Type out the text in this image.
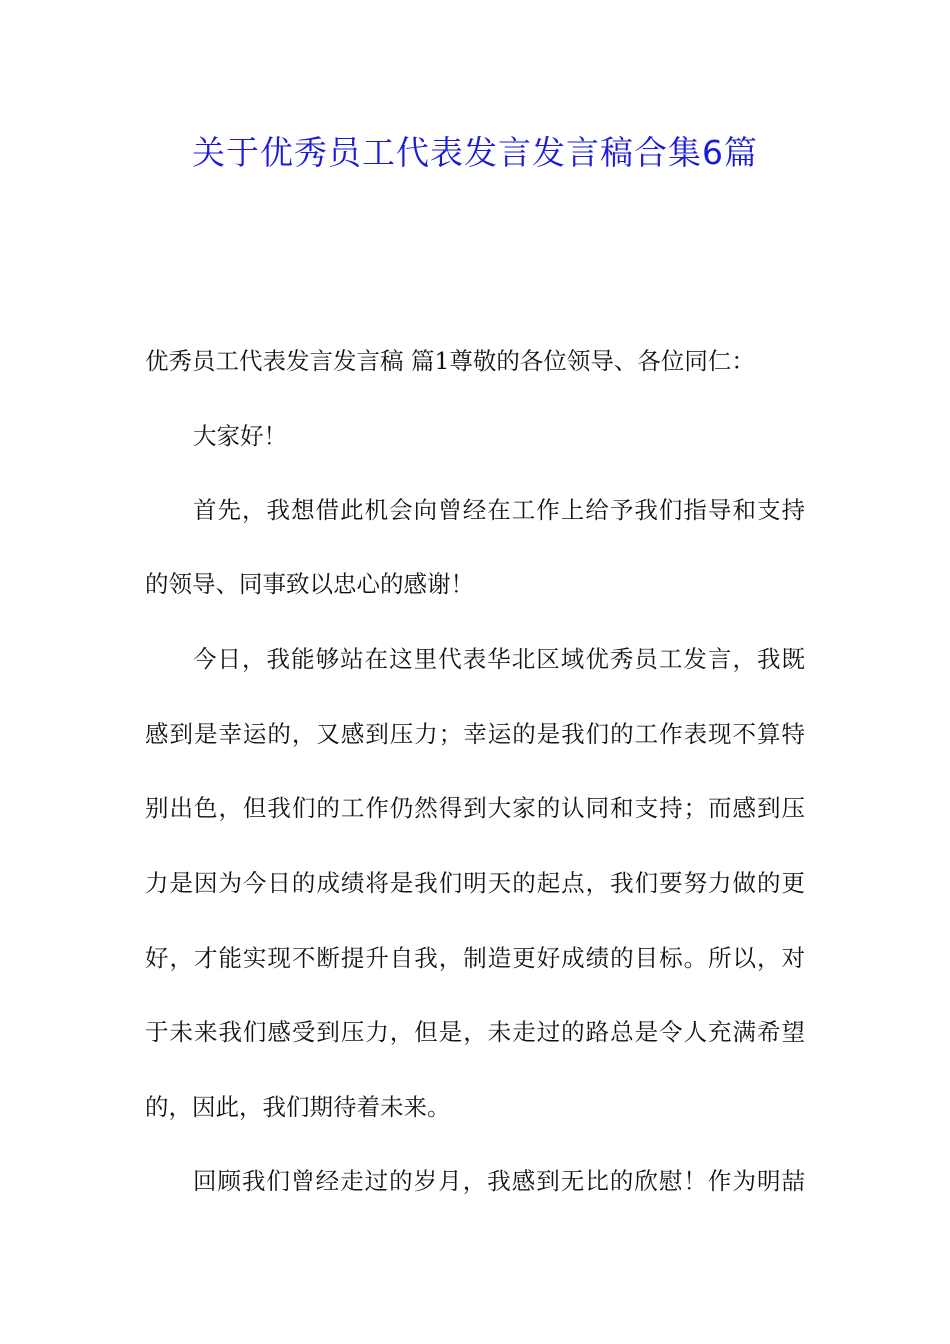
关于优秀员工代表发言发言稿合集6篇

优秀员工代表发言发言稿 篇1尊敬的各位领导、各位同仁：

大家好！

首先，我想借此机会向曾经在工作上给予我们指导和支持

的领导、同事致以忠心的感谢！

今日，我能够站在这里代表华北区域优秀员工发言，我既

感到是幸运的，又感到压力；幸运的是我们的工作表现不算特

别出色，但我们的工作仍然得到大家的认同和支持；而感到压

力是因为今日的成绩将是我们明天的起点，我们要努力做的更

好，才能实现不断提升自我，制造更好成绩的目标。所以，对

于未来我们感受到压力，但是，未走过的路总是令人充满希望

的，因此，我们期待着未来。

回顾我们曾经走过的岁月，我感到无比的欣慰！作为明喆
